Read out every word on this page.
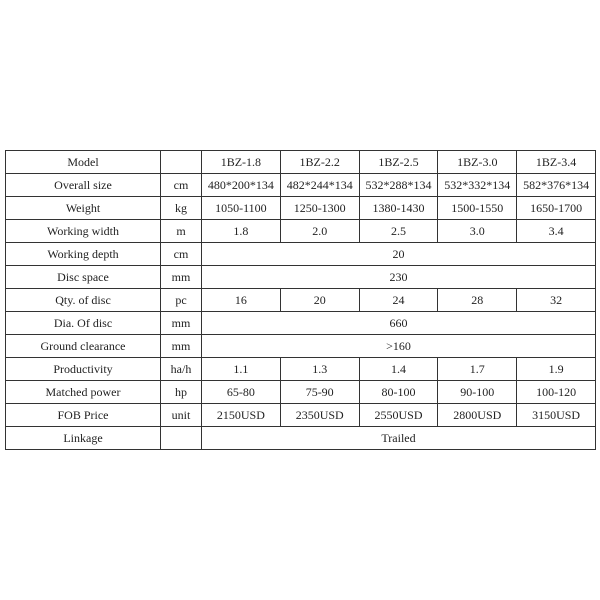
Model		1BZ-1.8	1BZ-2.2	1BZ-2.5	1BZ-3.0	1BZ-3.4
Overall size	cm	480*200*134	482*244*134	532*288*134	532*332*134	582*376*134
Weight	kg	1050-1100	1250-1300	1380-1430	1500-1550	1650-1700
Working width	m	1.8	2.0	2.5	3.0	3.4
Working depth	cm	20				
Disc space	mm	230				
Qty. of disc	pc	16	20	24	28	32
Dia. Of disc	mm	660				
Ground clearance	mm	>160				
Productivity	ha/h	1.1	1.3	1.4	1.7	1.9
Matched power	hp	65-80	75-90	80-100	90-100	100-120
FOB Price	unit	2150USD	2350USD	2550USD	2800USD	3150USD
Linkage		Trailed				
